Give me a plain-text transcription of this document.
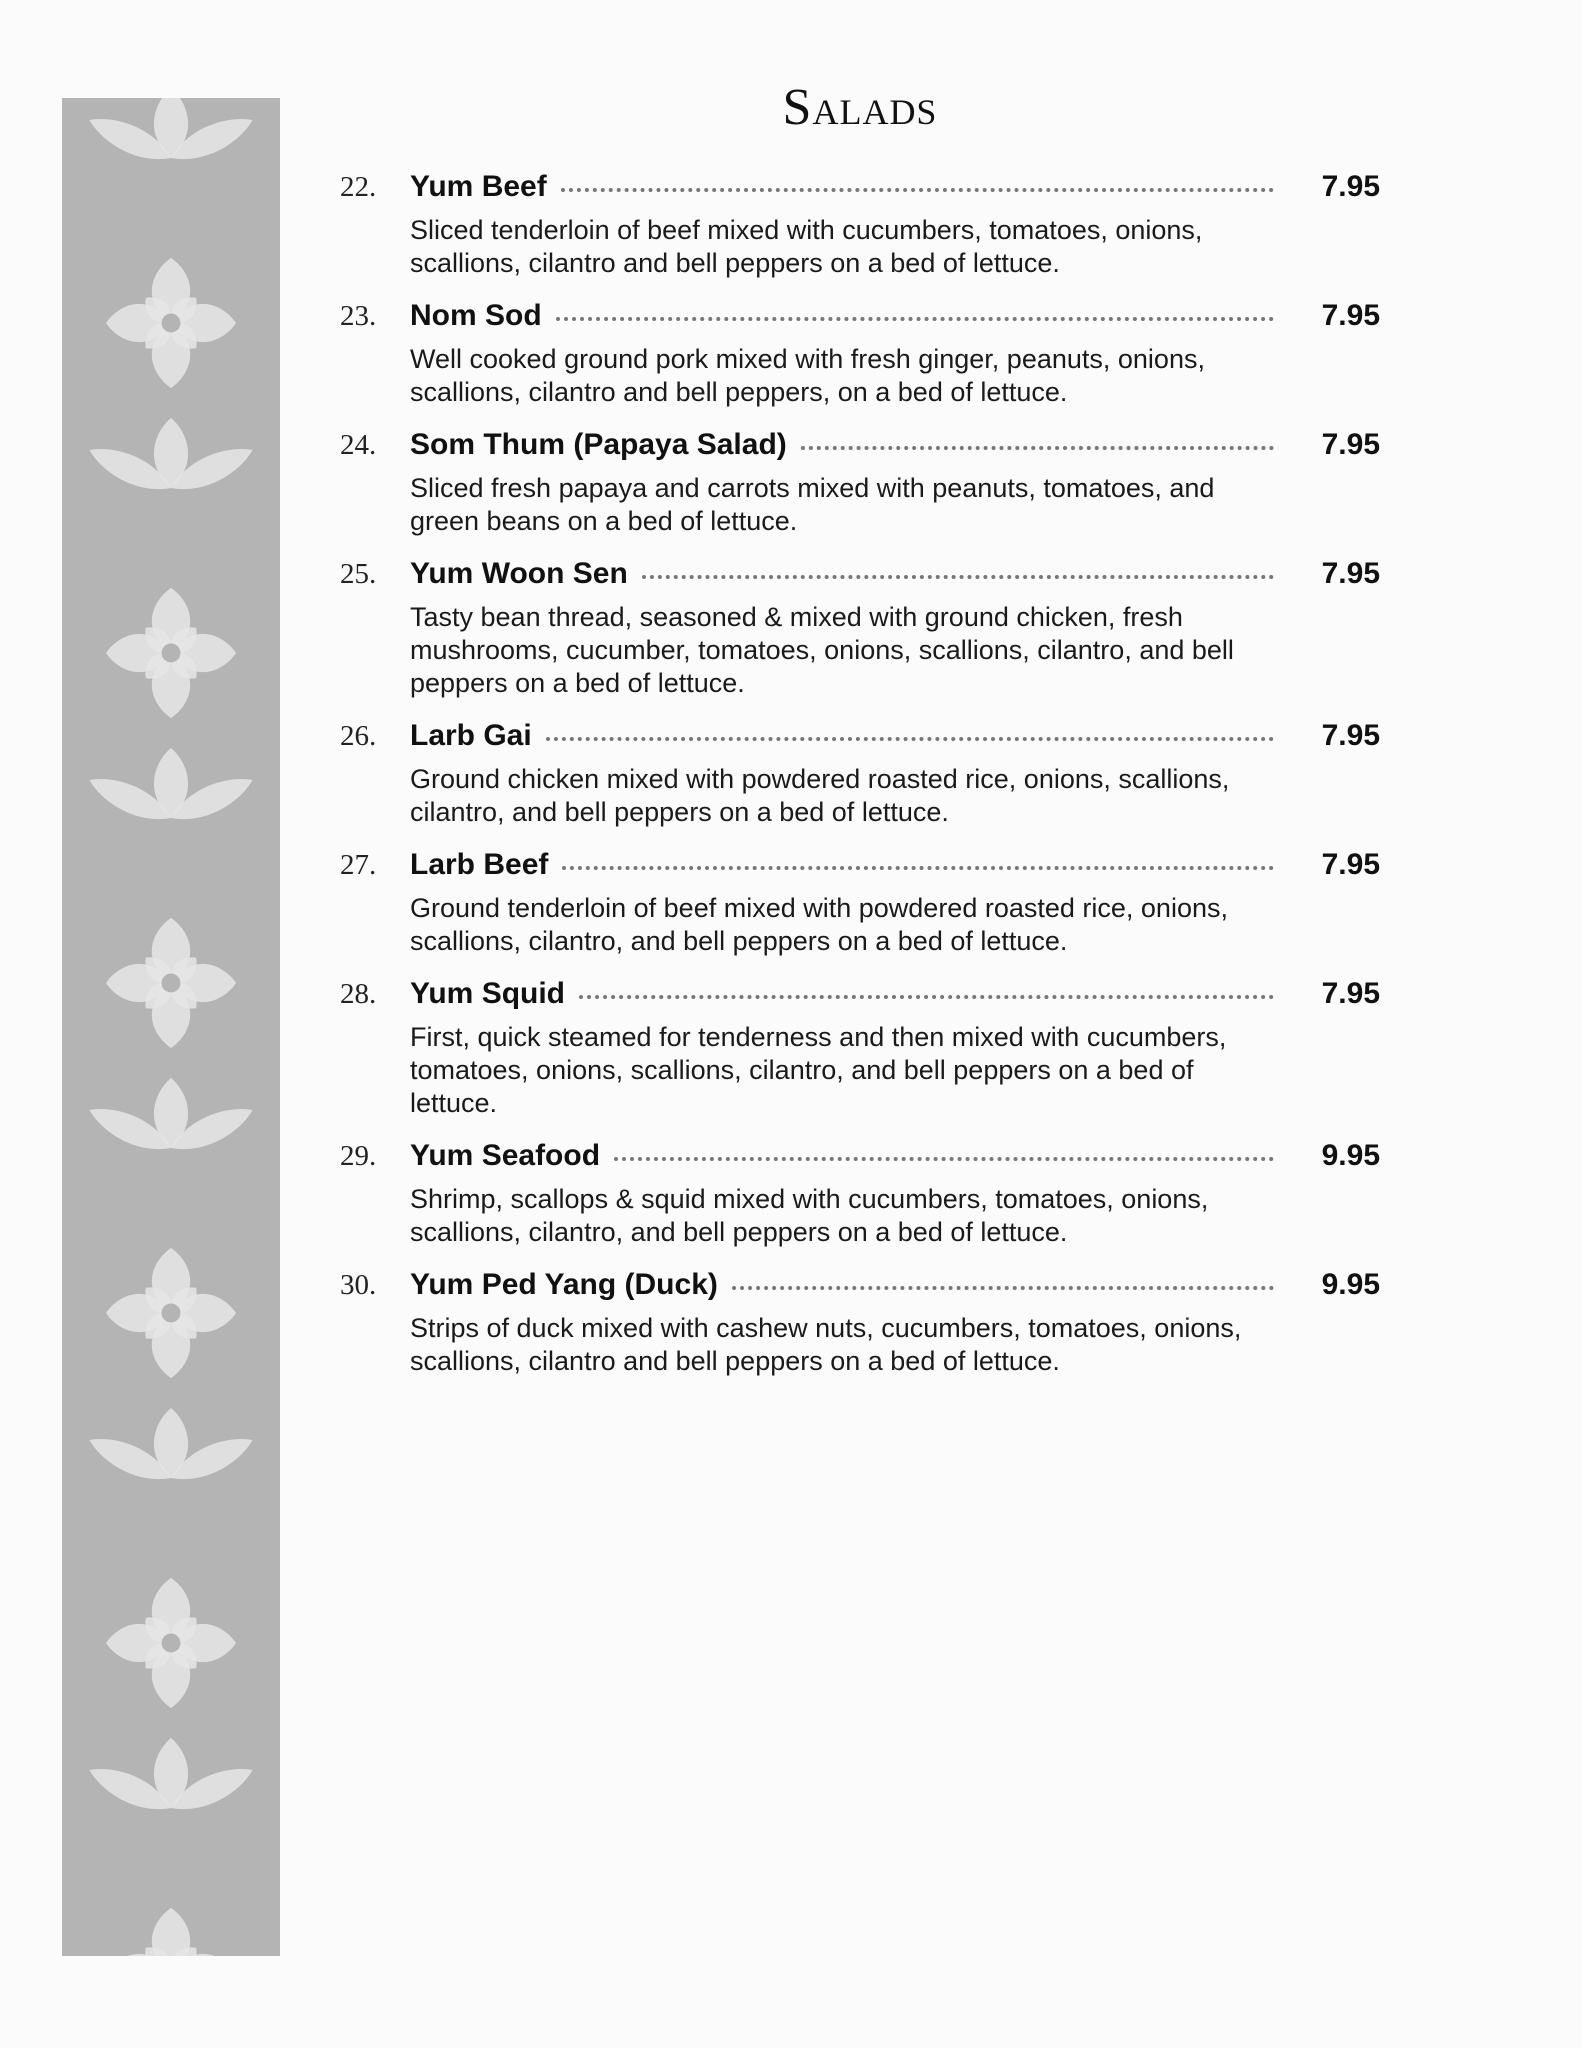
Salads
22.	Yum Beef	7.95
Sliced tenderloin of beef mixed with cucumbers, tomatoes, onions, scallions, cilantro and bell peppers on a bed of lettuce.
23.	Nom Sod	7.95
Well cooked ground pork mixed with fresh ginger, peanuts, onions, scallions, cilantro and bell peppers, on a bed of lettuce.
24.	Som Thum (Papaya Salad)	7.95
Sliced fresh papaya and carrots mixed with peanuts, tomatoes, and green beans on a bed of lettuce.
25.	Yum Woon Sen	7.95
Tasty bean thread, seasoned & mixed with ground chicken, fresh mushrooms, cucumber, tomatoes, onions, scallions, cilantro, and bell peppers on a bed of lettuce.
26.	Larb Gai	7.95
Ground chicken mixed with powdered roasted rice, onions, scallions, cilantro, and bell peppers on a bed of lettuce.
27.	Larb Beef	7.95
Ground tenderloin of beef mixed with powdered roasted rice, onions, scallions, cilantro, and bell peppers on a bed of lettuce.
28.	Yum Squid	7.95
First, quick steamed for tenderness and then mixed with cucumbers, tomatoes, onions, scallions, cilantro, and bell peppers on a bed of lettuce.
29.	Yum Seafood	9.95
Shrimp, scallops & squid mixed with cucumbers, tomatoes, onions, scallions, cilantro, and bell peppers on a bed of lettuce.
30.	Yum Ped Yang (Duck)	9.95
Strips of duck mixed with cashew nuts, cucumbers, tomatoes, onions, scallions, cilantro and bell peppers on a bed of lettuce.
